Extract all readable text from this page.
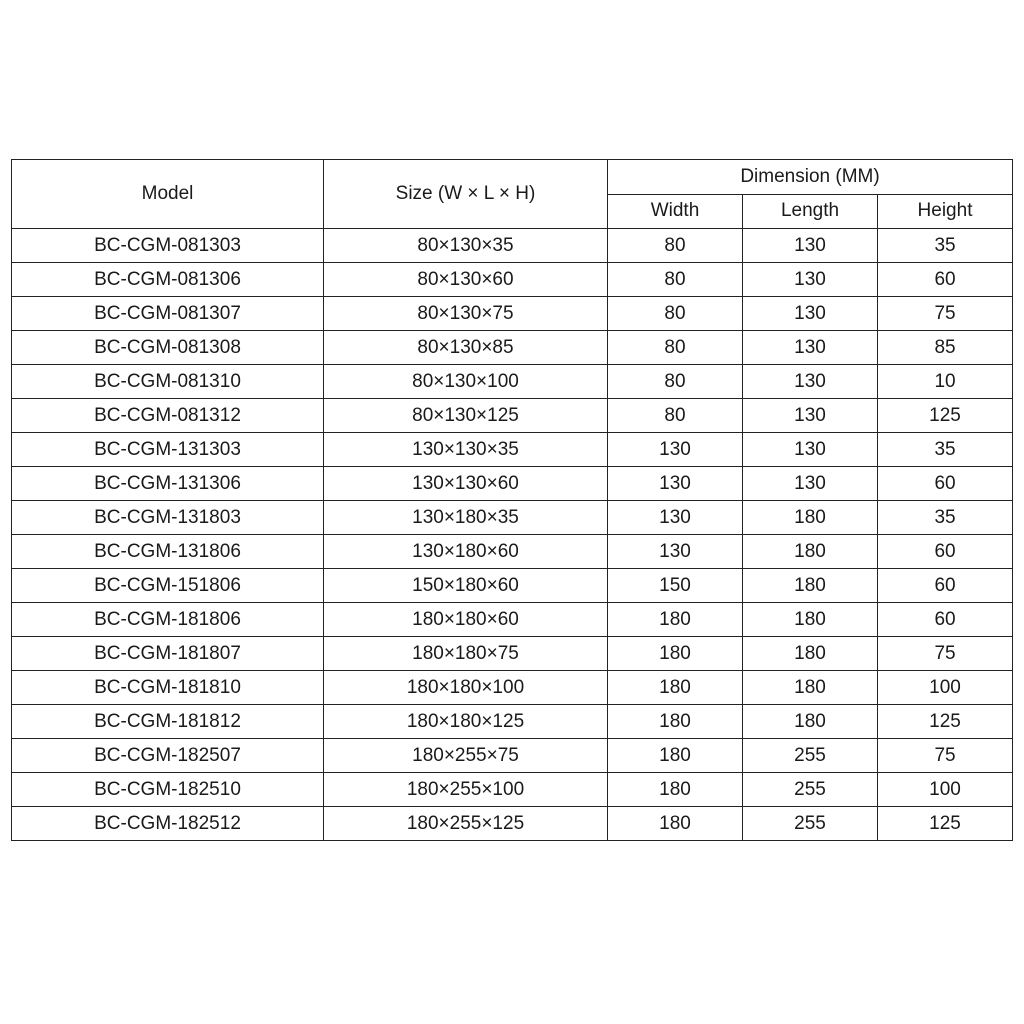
Model	Size (W × L × H)	Dimension (MM)		
		Width	Length	Height
BC-CGM-081303	80×130×35	80	130	35
BC-CGM-081306	80×130×60	80	130	60
BC-CGM-081307	80×130×75	80	130	75
BC-CGM-081308	80×130×85	80	130	85
BC-CGM-081310	80×130×100	80	130	10
BC-CGM-081312	80×130×125	80	130	125
BC-CGM-131303	130×130×35	130	130	35
BC-CGM-131306	130×130×60	130	130	60
BC-CGM-131803	130×180×35	130	180	35
BC-CGM-131806	130×180×60	130	180	60
BC-CGM-151806	150×180×60	150	180	60
BC-CGM-181806	180×180×60	180	180	60
BC-CGM-181807	180×180×75	180	180	75
BC-CGM-181810	180×180×100	180	180	100
BC-CGM-181812	180×180×125	180	180	125
BC-CGM-182507	180×255×75	180	255	75
BC-CGM-182510	180×255×100	180	255	100
BC-CGM-182512	180×255×125	180	255	125
